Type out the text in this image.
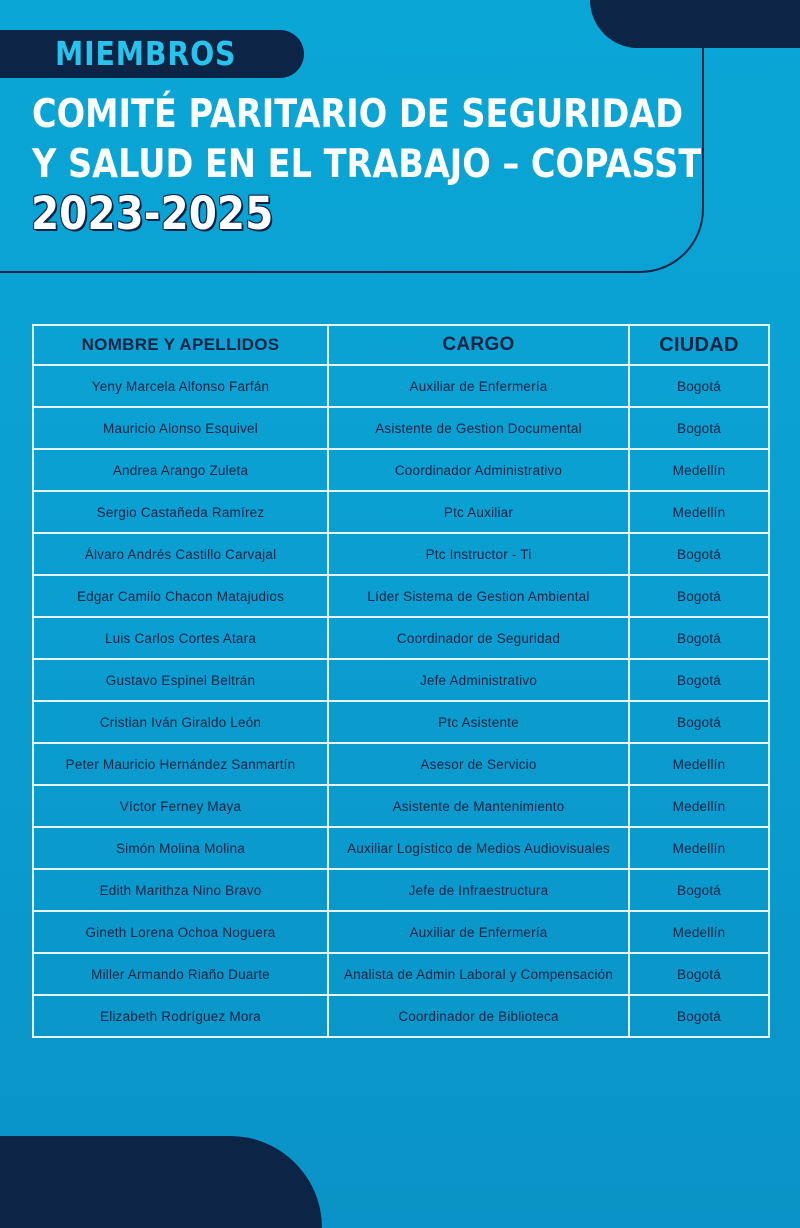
MIEMBROS
COMITÉ PARITARIO DE SEGURIDAD
Y SALUD EN EL TRABAJO – COPASST
2023-2025
NOMBRE Y APELLIDOS	CARGO	CIUDAD
Yeny Marcela Alfonso Farfán	Auxiliar de Enfermería	Bogotá
Mauricio Alonso Esquivel	Asistente de Gestion Documental	Bogotá
Andrea Arango Zuleta	Coordinador Administrativo	Medellín
Sergio Castañeda Ramírez	Ptc Auxiliar	Medellín
Álvaro Andrés Castillo Carvajal	Ptc Instructor - Ti	Bogotá
Edgar Camilo Chacon Matajudios	Líder Sistema de Gestion Ambiental	Bogotá
Luis Carlos Cortes Atara	Coordinador de Seguridad	Bogotá
Gustavo Espinel Beltrán	Jefe Administrativo	Bogotá
Cristian Iván Giraldo León	Ptc Asistente	Bogotá
Peter Mauricio Hernández Sanmartín	Asesor de Servicio	Medellín
Víctor Ferney Maya	Asistente de Mantenimiento	Medellín
Simón Molina Molina	Auxiliar Logístico de Medios Audiovisuales	Medellín
Edith Marithza Nino Bravo	Jefe de Infraestructura	Bogotá
Gineth Lorena Ochoa Noguera	Auxiliar de Enfermería	Medellín
Miller Armando Riaño Duarte	Analista de Admin Laboral y Compensación	Bogotá
Elizabeth Rodríguez Mora	Coordinador de Biblioteca	Bogotá
